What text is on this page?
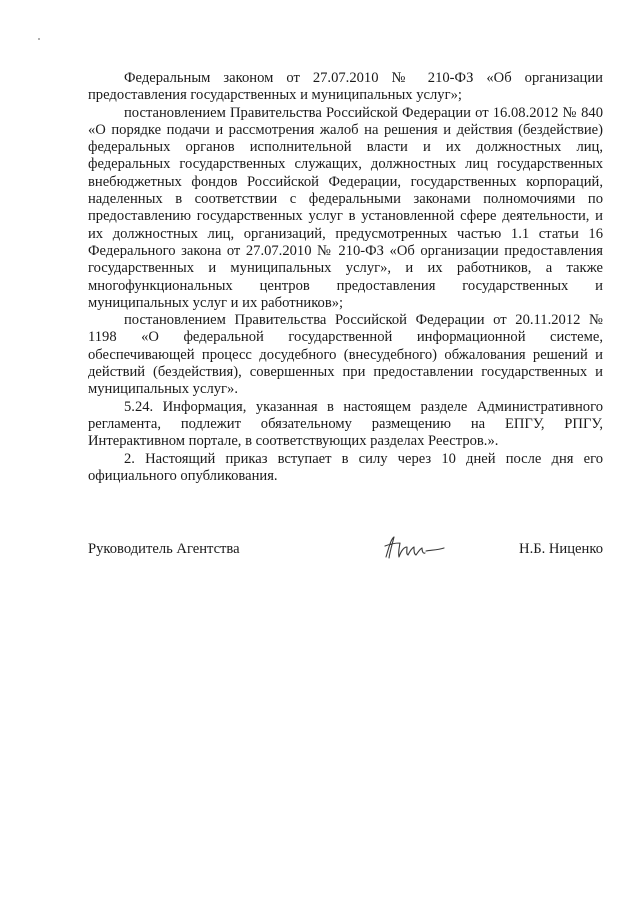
Федеральным законом от 27.07.2010 № 210-ФЗ «Об организации предоставления государственных и муниципальных услуг»;

постановлением Правительства Российской Федерации от 16.08.2012 № 840 «О порядке подачи и рассмотрения жалоб на решения и действия (бездействие) федеральных органов исполнительной власти и их должностных лиц, федеральных государственных служащих, должностных лиц государственных внебюджетных фондов Российской Федерации, государственных корпораций, наделенных в соответствии с федеральными законами полномочиями по предоставлению государственных услуг в установленной сфере деятельности, и их должностных лиц, организаций, предусмотренных частью 1.1 статьи 16 Федерального закона от 27.07.2010 № 210-ФЗ «Об организации предоставления государственных и муниципальных услуг», и их работников, а также многофункциональных центров предоставления государственных и муниципальных услуг и их работников»;

постановлением Правительства Российской Федерации от 20.11.2012 № 1198 «О федеральной государственной информационной системе, обеспечивающей процесс досудебного (внесудебного) обжалования решений и действий (бездействия), совершенных при предоставлении государственных и муниципальных услуг».

5.24. Информация, указанная в настоящем разделе Административного регламента, подлежит обязательному размещению на ЕПГУ, РПГУ, Интерактивном портале, в соответствующих разделах Реестров.».

2. Настоящий приказ вступает в силу через 10 дней после дня его официального опубликования.

Руководитель Агентства	Н.Б. Ниценко
